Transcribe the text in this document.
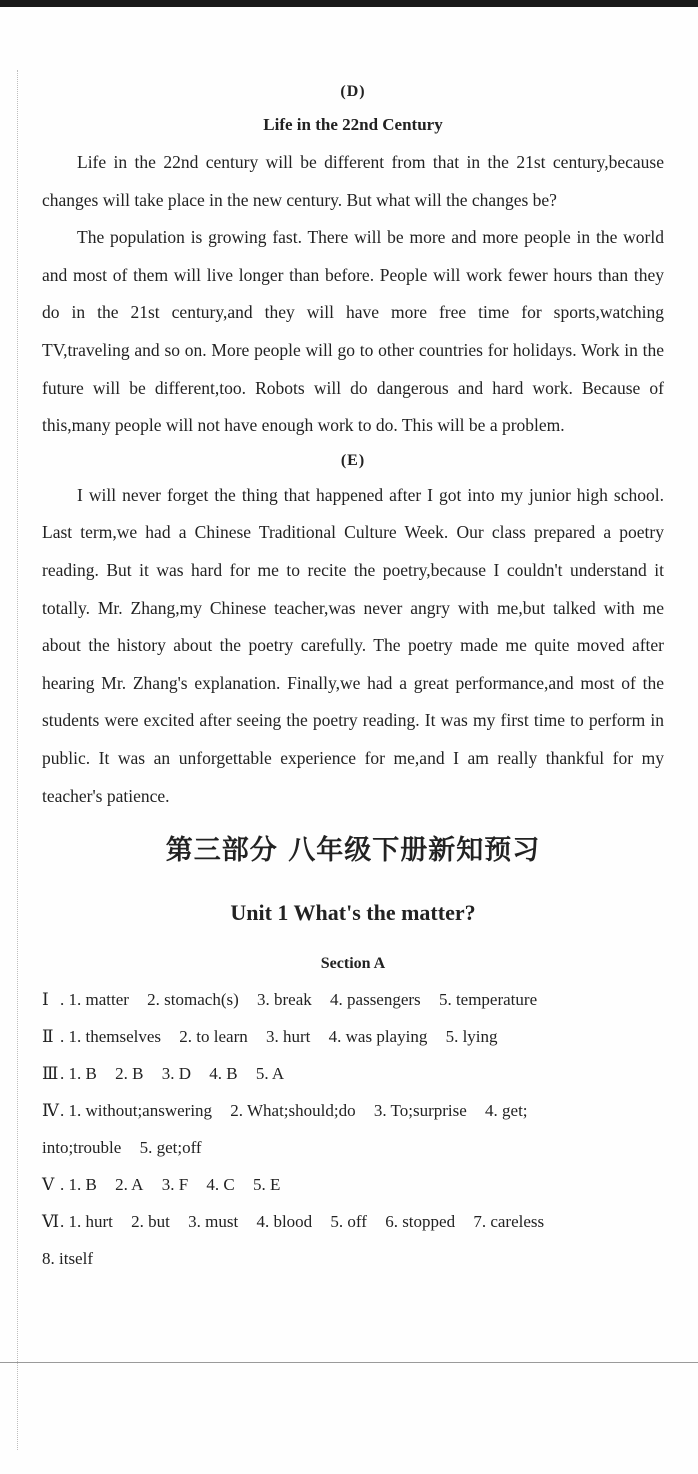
(D)
Life in the 22nd Century

Life in the 22nd century will be different from that in the 21st century,because changes will take place in the new century. But what will the changes be?

The population is growing fast. There will be more and more people in the world and most of them will live longer than before. People will work fewer hours than they do in the 21st century,and they will have more free time for sports,watching TV,traveling and so on. More people will go to other countries for holidays. Work in the future will be different,too. Robots will do dangerous and hard work. Because of this,many people will not have enough work to do. This will be a problem.

(E)

I will never forget the thing that happened after I got into my junior high school. Last term,we had a Chinese Traditional Culture Week. Our class prepared a poetry reading. But it was hard for me to recite the poetry,because I couldn't understand it totally. Mr. Zhang,my Chinese teacher,was never angry with me,but talked with me about the history about the poetry carefully. The poetry made me quite moved after hearing Mr. Zhang's explanation. Finally,we had a great performance,and most of the students were excited after seeing the poetry reading. It was my first time to perform in public. It was an unforgettable experience for me,and I am really thankful for my teacher's patience.

第三部分 八年级下册新知预习
Unit 1 What's the matter?
Section A

Ⅰ . 1. matter 2. stomach(s) 3. break 4. passengers 5. temperature

Ⅱ . 1. themselves 2. to learn 3. hurt 4. was playing 5. lying

Ⅲ. 1. B 2. B 3. D 4. B 5. A

Ⅳ. 1. without;answering 2. What;should;do 3. To;surprise 4. get;

into;trouble 5. get;off

Ⅴ . 1. B 2. A 3. F 4. C 5. E

Ⅵ. 1. hurt 2. but 3. must 4. blood 5. off 6. stopped 7. careless

8. itself
